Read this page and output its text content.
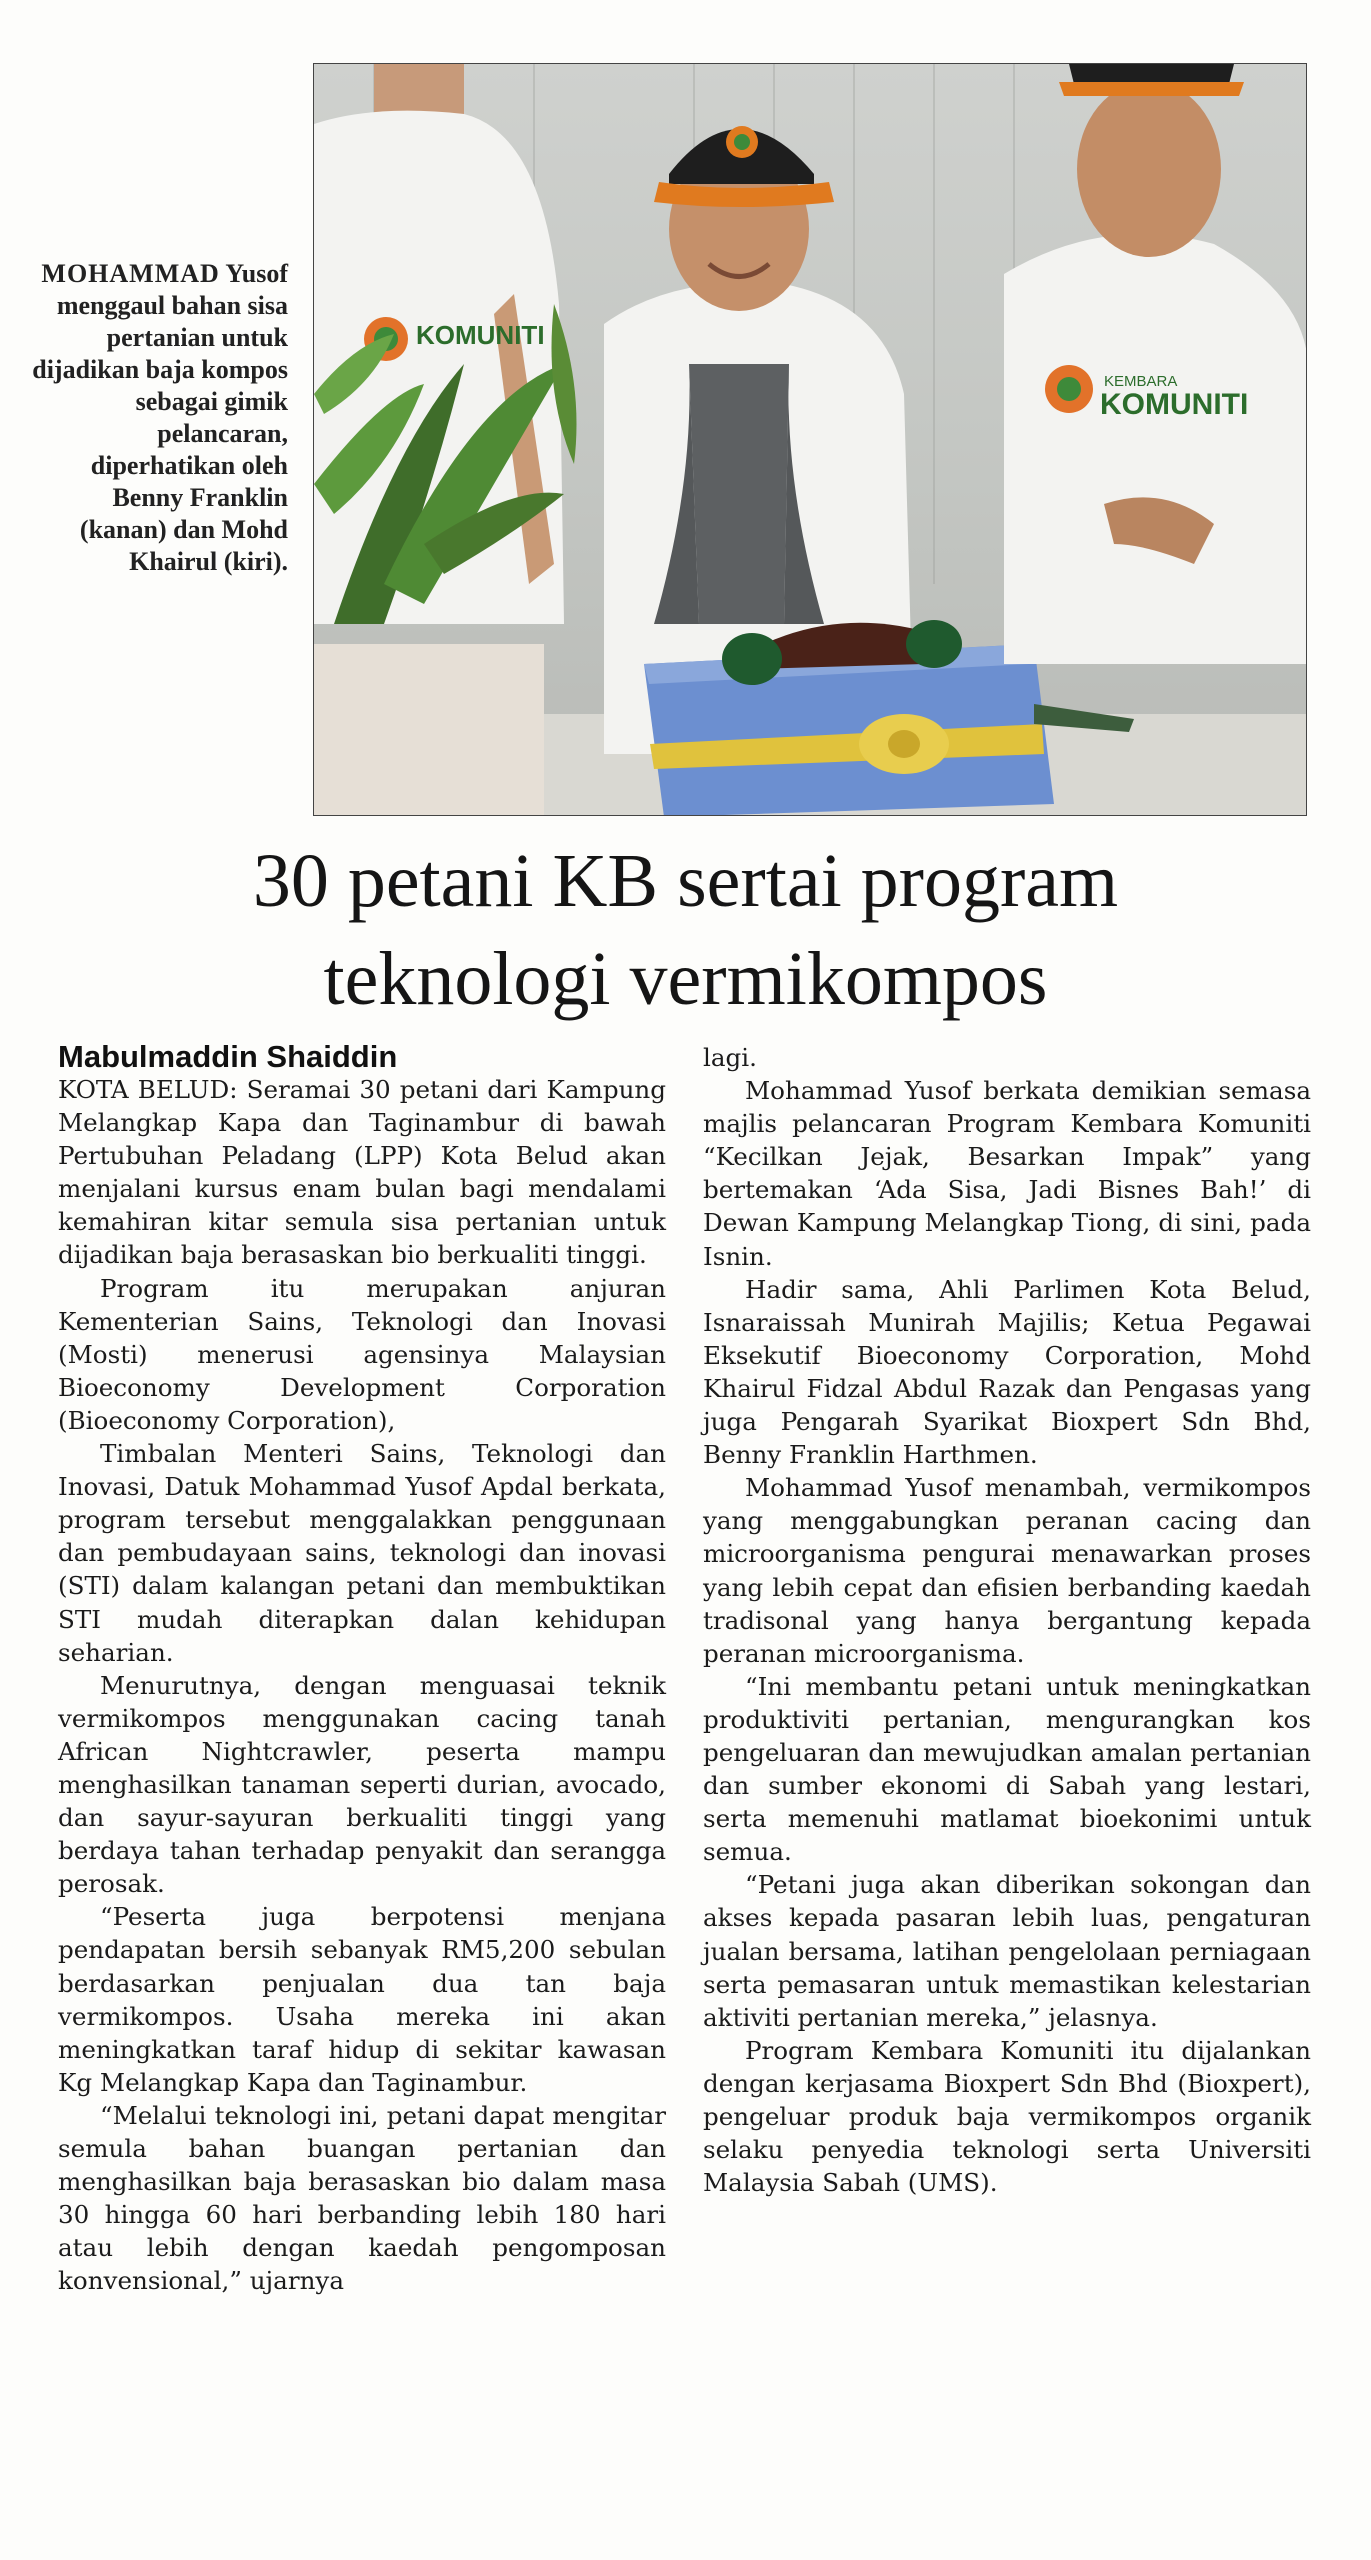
MOHAMMAD Yusof menggaul bahan sisa pertanian untuk dijadikan baja kompos sebagai gimik pelancaran, diperhatikan oleh Benny Franklin (kanan) dan Mohd Khairul (kiri).
KOMUNITI
KEMBARA
KOMUNITI
30 petani KB sertai program
teknologi vermikompos

Mabulmaddin Shaiddin

KOTA BELUD: Seramai 30 petani dari Kampung Melangkap Kapa dan Taginambur di bawah Pertubuhan Peladang (LPP) Kota Belud akan menjalani kursus enam bulan bagi mendalami kemahiran kitar semula sisa pertanian untuk dijadikan baja berasaskan bio berkualiti tinggi.

Program itu merupakan anjuran Kementerian Sains, Teknologi dan Inovasi (Mosti) menerusi agensinya Malaysian Bioeconomy Development Corporation (Bioeconomy Corporation),

Timbalan Menteri Sains, Teknologi dan Inovasi, Datuk Mohammad Yusof Apdal berkata, program tersebut menggalakkan penggunaan dan pembudayaan sains, teknologi dan inovasi (STI) dalam kalangan petani dan membuktikan STI mudah diterapkan dalan kehidupan seharian.

Menurutnya, dengan menguasai teknik vermikompos menggunakan cacing tanah African Nightcrawler, peserta mampu menghasilkan tanaman seperti durian, avocado, dan sayur-sayuran berkualiti tinggi yang berdaya tahan terhadap penyakit dan serangga perosak.

“Peserta juga berpotensi menjana pendapatan bersih sebanyak RM5,200 sebulan berdasarkan penjualan dua tan baja vermikompos. Usaha mereka ini akan meningkatkan taraf hidup di sekitar kawasan Kg Melangkap Kapa dan Taginambur.

“Melalui teknologi ini, petani dapat mengitar semula bahan buangan pertanian dan menghasilkan baja berasaskan bio dalam masa 30 hingga 60 hari berbanding lebih 180 hari atau lebih dengan kaedah pengomposan konvensional,” ujarnya

lagi.

Mohammad Yusof berkata demikian semasa majlis pelancaran Program Kembara Komuniti “Kecilkan Jejak, Besarkan Impak” yang bertemakan ‘Ada Sisa, Jadi Bisnes Bah!’ di Dewan Kampung Melangkap Tiong, di sini, pada Isnin.

Hadir sama, Ahli Parlimen Kota Belud, Isnaraissah Munirah Majilis; Ketua Pegawai Eksekutif Bioeconomy Corporation, Mohd Khairul Fidzal Abdul Razak dan Pengasas yang juga Pengarah Syarikat Bioxpert Sdn Bhd, Benny Franklin Harthmen.

Mohammad Yusof menambah, vermikompos yang menggabungkan peranan cacing dan microorganisma pengurai menawarkan proses yang lebih cepat dan efisien berbanding kaedah tradisonal yang hanya bergantung kepada peranan microorganisma.

“Ini membantu petani untuk meningkatkan produktiviti pertanian, mengurangkan kos pengeluaran dan mewujudkan amalan pertanian dan sumber ekonomi di Sabah yang lestari, serta memenuhi matlamat bioekonimi untuk semua.

“Petani juga akan diberikan sokongan dan akses kepada pasaran lebih luas, pengaturan jualan bersama, latihan pengelolaan perniagaan serta pemasaran untuk memastikan kelestarian aktiviti pertanian mereka,” jelasnya.

Program Kembara Komuniti itu dijalankan dengan kerjasama Bioxpert Sdn Bhd (Bioxpert), pengeluar produk baja vermikompos organik selaku penyedia teknologi serta Universiti Malaysia Sabah (UMS).
